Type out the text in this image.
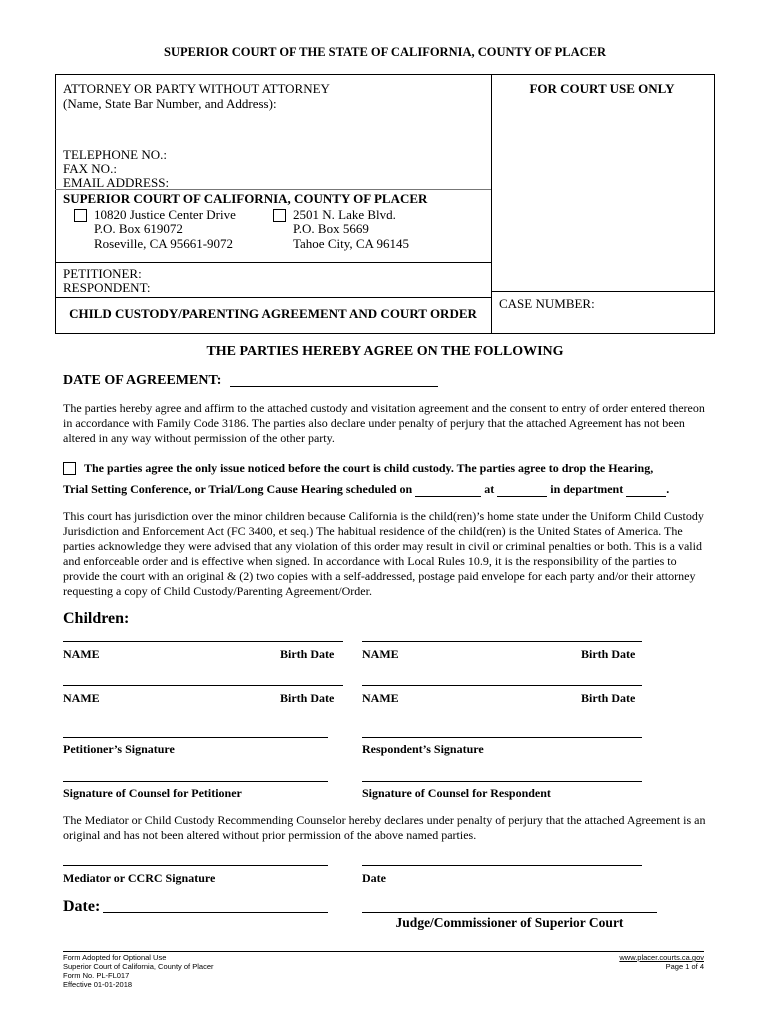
SUPERIOR COURT OF THE STATE OF CALIFORNIA, COUNTY OF PLACER
ATTORNEY OR PARTY WITHOUT ATTORNEY
(Name, State Bar Number, and Address):
FOR COURT USE ONLY
TELEPHONE NO.:
FAX NO.:
EMAIL ADDRESS:
SUPERIOR COURT OF CALIFORNIA, COUNTY OF PLACER
10820 Justice Center Drive
P.O. Box 619072
Roseville, CA 95661-9072
2501 N. Lake Blvd.
P.O. Box 5669
Tahoe City, CA 96145
PETITIONER:
RESPONDENT:
CHILD CUSTODY/PARENTING AGREEMENT AND COURT ORDER
CASE NUMBER:
THE PARTIES HEREBY AGREE ON THE FOLLOWING
DATE OF AGREEMENT:
The parties hereby agree and affirm to the attached custody and visitation agreement and the consent to entry of order entered thereon in accordance with Family Code 3186. The parties also declare under penalty of perjury that the attached Agreement has not been altered in any way without permission of the other party.
The parties agree the only issue noticed before the court is child custody. The parties agree to drop the Hearing,
Trial Setting Conference, or Trial/Long Cause Hearing scheduled on	at	in department	.
This court has jurisdiction over the minor children because California is the child(ren)’s home state under the Uniform Child Custody Jurisdiction and Enforcement Act (FC 3400, et seq.) The habitual residence of the child(ren) is the United States of America. The parties acknowledge they were advised that any violation of this order may result in civil or criminal penalties or both. This is a valid and enforceable order and is effective when signed. In accordance with Local Rules 10.9, it is the responsibility of the parties to provide the court with an original & (2) two copies with a self-addressed, postage paid envelope for each party and/or their attorney requesting a copy of Child Custody/Parenting Agreement/Order.
Children:
NAME	Birth Date NAME	Birth Date
NAME	Birth Date NAME	Birth Date
Petitioner’s Signature	Respondent’s Signature
Signature of Counsel for Petitioner	Signature of Counsel for Respondent
The Mediator or Child Custody Recommending Counselor hereby declares under penalty of perjury that the attached Agreement is an original and has not been altered without prior permission of the above named parties.
Mediator or CCRC Signature	Date
Date:
Judge/Commissioner of Superior Court
Form Adopted for Optional Use
Superior Court of California, County of Placer
Form No. PL-FL017
Effective 01-01-2018
www.placer.courts.ca.gov
Page 1 of 4
